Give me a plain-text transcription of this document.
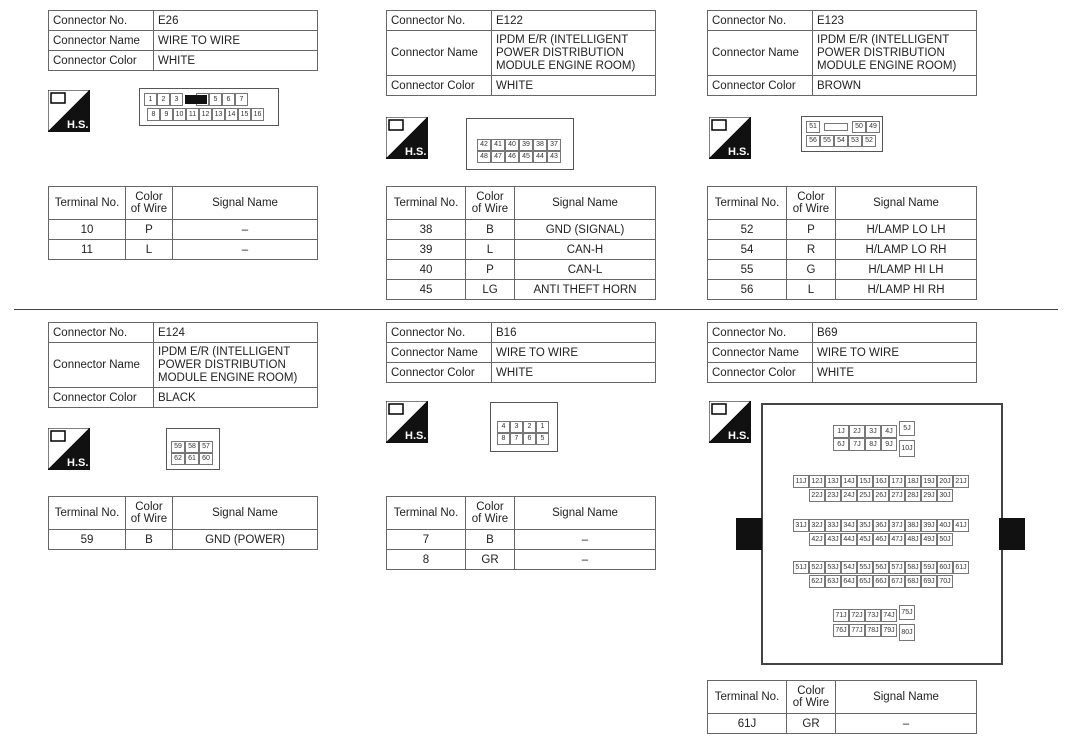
Connector No.	E26
Connector Name	WIRE TO WIRE
Connector Color	WHITE
H.S.
1	2	3	5	6	7
8	9	10 11 12 13 14 15 16
Terminal No.	Color of Wire	Signal Name
10	P	–
11	L	–
Connector No.	E122
Connector Name	IPDM E/R (INTELLIGENT POWER DISTRIBUTION MODULE ENGINE ROOM)
Connector Color	WHITE
H.S.
42 41 40 39 38 37
48 47 46 45 44 43
Terminal No.	Color of Wire	Signal Name
38	B	GND (SIGNAL)
39	L	CAN-H
40	P	CAN-L
45	LG	ANTI THEFT HORN
Connector No.	E123
Connector Name	IPDM E/R (INTELLIGENT POWER DISTRIBUTION MODULE ENGINE ROOM)
Connector Color	BROWN
H.S.
51	50 49
56 55 54 53 52
Terminal No.	Color of Wire	Signal Name
52	P	H/LAMP LO LH
54	R	H/LAMP LO RH
55	G	H/LAMP HI LH
56	L	H/LAMP HI RH
Connector No.	E124
Connector Name	IPDM E/R (INTELLIGENT POWER DISTRIBUTION MODULE ENGINE ROOM)
Connector Color	BLACK
H.S.
59 58 57
62 61 60
Terminal No.	Color of Wire	Signal Name
59	B	GND (POWER)
Connector No.	B16
Connector Name	WIRE TO WIRE
Connector Color	WHITE
H.S.
4	3	2	1
8	7	6	5
Terminal No.	Color of Wire	Signal Name
7	B	–
8	GR	–
Connector No.	B69
Connector Name	WIRE TO WIRE
Connector Color	WHITE
H.S.	1J	2J	3J	4J	5J
6J	7J	8J	9J
10J
11J 12J 13J 14J 15J 16J 17J 18J 19J 20J 21J
22J 23J 24J 25J 26J 27J 28J 29J 30J
31J 32J 33J 34J 35J 36J 37J 38J 39J 40J 41J
42J 43J 44J 45J 46J 47J 48J 49J 50J
51J 52J 53J 54J 55J 56J 57J 58J 59J 60J 61J
62J 63J 64J 65J 66J 67J 68J 69J 70J
71J 72J 73J 74J 75J
76J 77J 78J 79J 80J
Terminal No.	Color of Wire	Signal Name
61J	GR	–
